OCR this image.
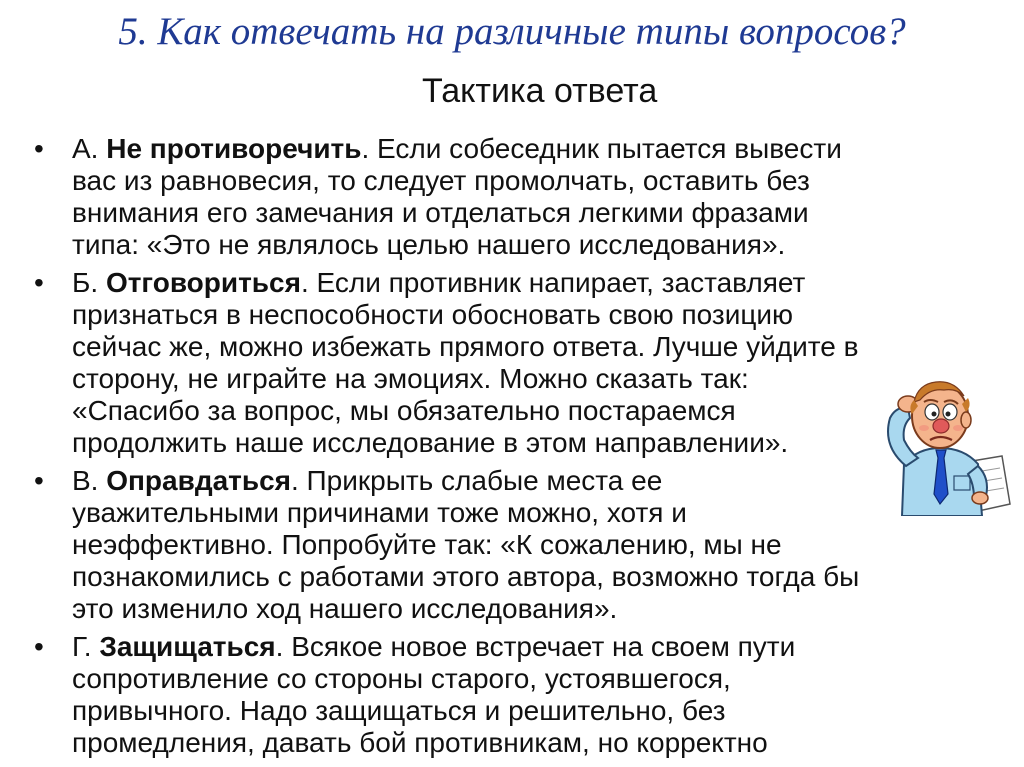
5. Как отвечать на различные типы вопросов?
Тактика ответа
•	А. Не противоречить. Если собеседник пытается вывести
вас из равновесия, то следует промолчать, оставить без
внимания его замечания и отделаться легкими фразами
типа: «Это не являлось целью нашего исследования».
•	Б. Отговориться. Если противник напирает, заставляет
признаться в неспособности обосновать свою позицию
сейчас же, можно избежать прямого ответа. Лучше уйдите в
сторону, не играйте на эмоциях. Можно сказать так:
«Спасибо за вопрос, мы обязательно постараемся
продолжить наше исследование в этом направлении».
•	В. Оправдаться. Прикрыть слабые места ее
уважительными причинами тоже можно, хотя и
неэффективно. Попробуйте так: «К сожалению, мы не
познакомились с работами этого автора, возможно тогда бы
это изменило ход нашего исследования».
•	Г. Защищаться. Всякое новое встречает на своем пути
сопротивление со стороны старого, устоявшегося,
привычного. Надо защищаться и решительно, без
промедления, давать бой противникам, но корректно
